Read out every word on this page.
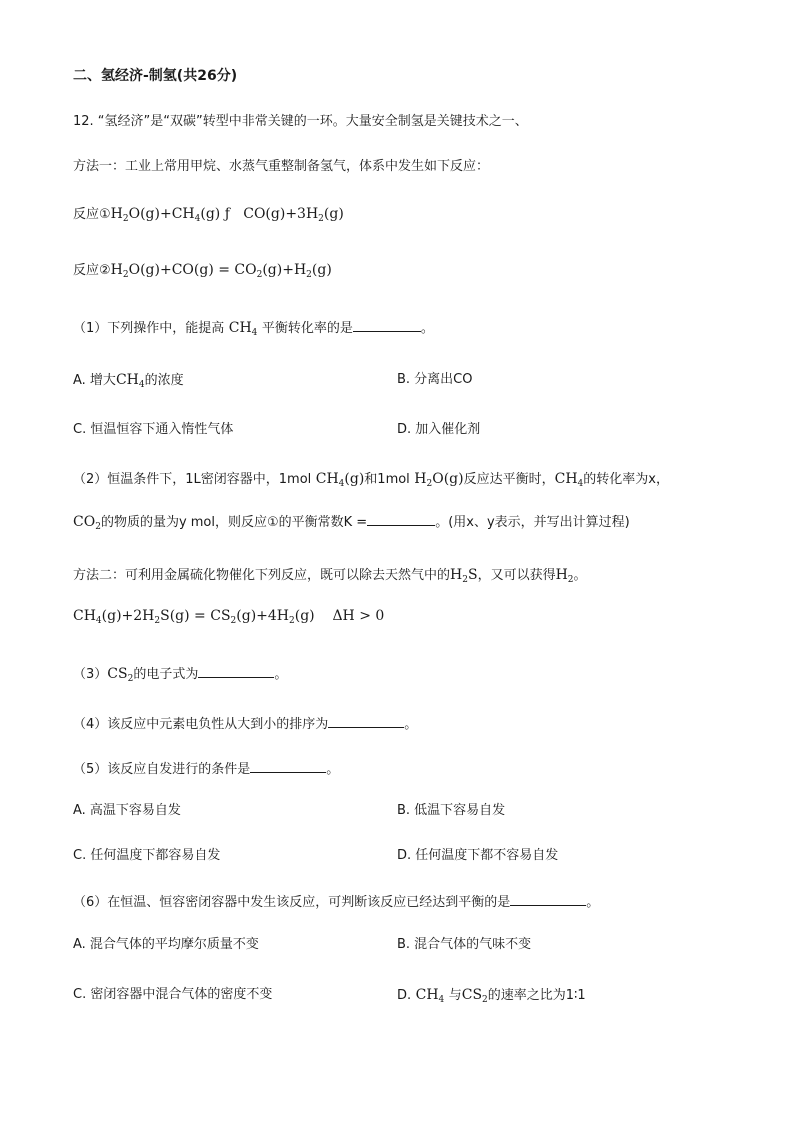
二、氢经济-制氢(共26分)
12. “氢经济”是“双碳”转型中非常关键的一环。大量安全制氢是关键技术之一、
方法一：工业上常用甲烷、水蒸气重整制备氢气，体系中发生如下反应：
反应$①H_2O(g)+CH_4(g)$ ƒ   $CO(g)+3H_2(g)$
反应$②H_2O(g)+CO(g) = CO_2(g)+H_2(g)$
（1）下列操作中，能提高 $CH_4$ 平衡转化率的是	。
A. 增大$CH_4$的浓度	B. 分离出CO
C. 恒温恒容下通入惰性气体	D. 加入催化剂
（2）恒温条件下，1L密闭容器中，1mol $CH_4(g)$和1mol $H_2O(g)$反应达平衡时，$CH_4$的转化率为x，
$CO_2$的物质的量为y mol，则反应①的平衡常数K =	。(用x、y表示，并写出计算过程)
方法二：可利用金属硫化物催化下列反应，既可以除去天然气中的$H_2S$，又可以获得$H_2$。
$CH_4(g)+2H_2S(g) = CS_2(g)+4H_2(g)$    ΔH > 0
$(3)CS_2$的电子式为	。
（4）该反应中元素电负性从大到小的排序为	。
（5）该反应自发进行的条件是	。
A. 高温下容易自发	B. 低温下容易自发
C. 任何温度下都容易自发	D. 任何温度下都不容易自发
（6）在恒温、恒容密闭容器中发生该反应，可判断该反应已经达到平衡的是	。
A. 混合气体的平均摩尔质量不变	B. 混合气体的气味不变
C. 密闭容器中混合气体的密度不变	D. $CH_4$ 与$CS_2$的速率之比为1∶1
